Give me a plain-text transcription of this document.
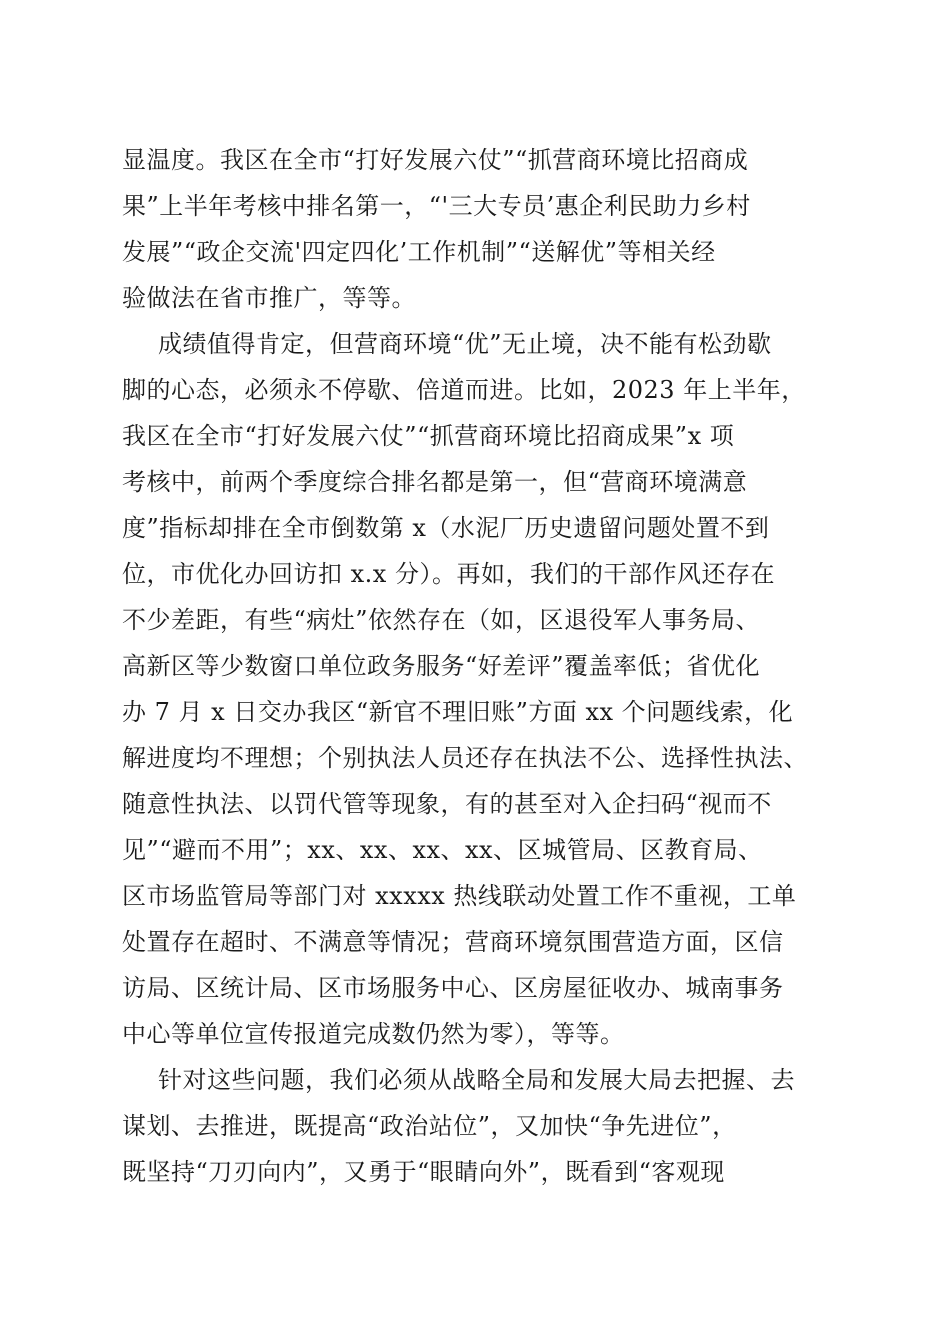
显温度。我区在全市“打好发展六仗”“抓营商环境比招商成
果”上半年考核中排名第一，“'三大专员’惠企利民助力乡村
发展”“政企交流'四定四化’工作机制”“送解优”等相关经
验做法在省市推广，等等。
成绩值得肯定，但营商环境“优”无止境，决不能有松劲歇
脚的心态，必须永不停歇、倍道而进。比如，2023 年上半年，
我区在全市“打好发展六仗”“抓营商环境比招商成果”x 项
考核中，前两个季度综合排名都是第一，但“营商环境满意
度”指标却排在全市倒数第 x（水泥厂历史遗留问题处置不到
位，市优化办回访扣 x.x 分）。再如，我们的干部作风还存在
不少差距，有些“病灶”依然存在（如，区退役军人事务局、
高新区等少数窗口单位政务服务“好差评”覆盖率低；省优化
办 7 月 x 日交办我区“新官不理旧账”方面 xx 个问题线索，化
解进度均不理想；个别执法人员还存在执法不公、选择性执法、
随意性执法、以罚代管等现象，有的甚至对入企扫码“视而不
见”“避而不用”；xx、xx、xx、xx、区城管局、区教育局、
区市场监管局等部门对 xxxxx 热线联动处置工作不重视，工单
处置存在超时、不满意等情况；营商环境氛围营造方面，区信
访局、区统计局、区市场服务中心、区房屋征收办、城南事务
中心等单位宣传报道完成数仍然为零），等等。
针对这些问题，我们必须从战略全局和发展大局去把握、去
谋划、去推进，既提高“政治站位”，又加快“争先进位”，
既坚持“刀刃向内”，又勇于“眼睛向外”，既看到“客观现
